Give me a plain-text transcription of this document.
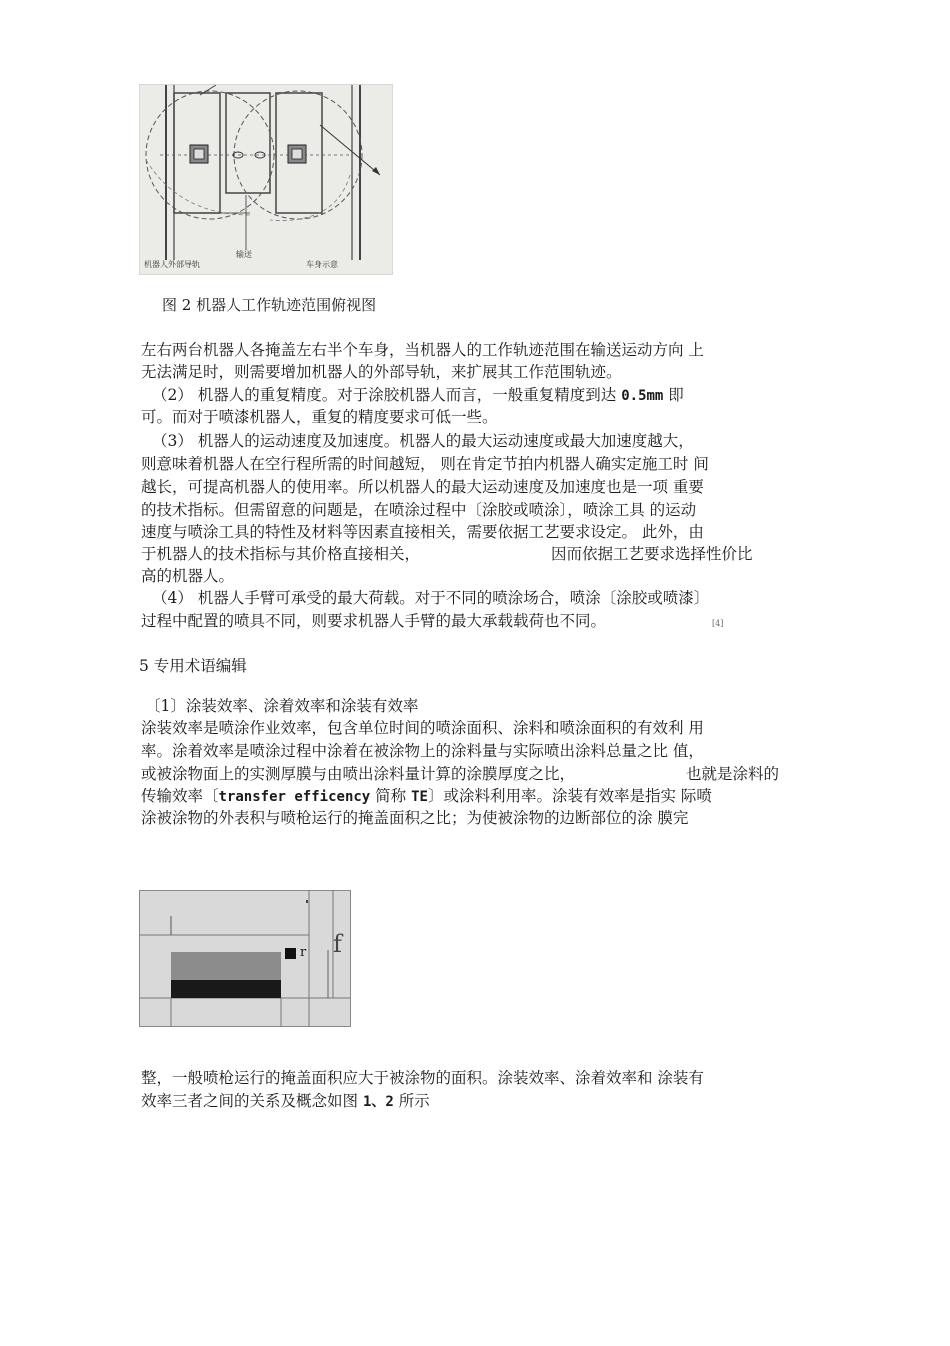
机器人外部导轨
输送
车身示意
图 2 机器人工作轨迹范围俯视图
左右两台机器人各掩盖左右半个车身，当机器人的工作轨迹范围在输送运动方向 上
无法满足时，则需要增加机器人的外部导轨，来扩展其工作范围轨迹。
（2） 机器人的重复精度。对于涂胶机器人而言，一般重复精度到达 0.5mm 即
可。而对于喷漆机器人，重复的精度要求可低一些。
（3） 机器人的运动速度及加速度。机器人的最大运动速度或最大加速度越大，
则意味着机器人在空行程所需的时间越短， 则在肯定节拍内机器人确实定施工时 间
越长，可提高机器人的使用率。所以机器人的最大运动速度及加速度也是一项 重要
的技术指标。但需留意的问题是，在喷涂过程中〔涂胶或喷涂〕，喷涂工具 的运动
速度与喷涂工具的特性及材料等因素直接相关，需要依据工艺要求设定。 此外，由
于机器人的技术指标与其价格直接相关，	因而依据工艺要求选择性价比
高的机器人。
（4） 机器人手臂可承受的最大荷载。对于不同的喷涂场合，喷涂〔涂胶或喷漆〕
过程中配置的喷具不同，则要求机器人手臂的最大承载载荷也不同。	[4]
5 专用术语编辑
〔1〕涂装效率、涂着效率和涂装有效率
涂装效率是喷涂作业效率，包含单位时间的喷涂面积、涂料和喷涂面积的有效利 用
率。涂着效率是喷涂过程中涂着在被涂物上的涂料量与实际喷出涂料总量之比 值，
或被涂物面上的实测厚膜与由喷出涂料量计算的涂膜厚度之比，	也就是涂料的
传输效率〔transfer efficency 简称 TE〕或涂料利用率。涂装有效率是指实 际喷
涂被涂物的外表积与喷枪运行的掩盖面积之比；为使被涂物的边断部位的涂 膜完
r f
整，一般喷枪运行的掩盖面积应大于被涂物的面积。涂装效率、涂着效率和 涂装有
效率三者之间的关系及概念如图 1、2 所示
